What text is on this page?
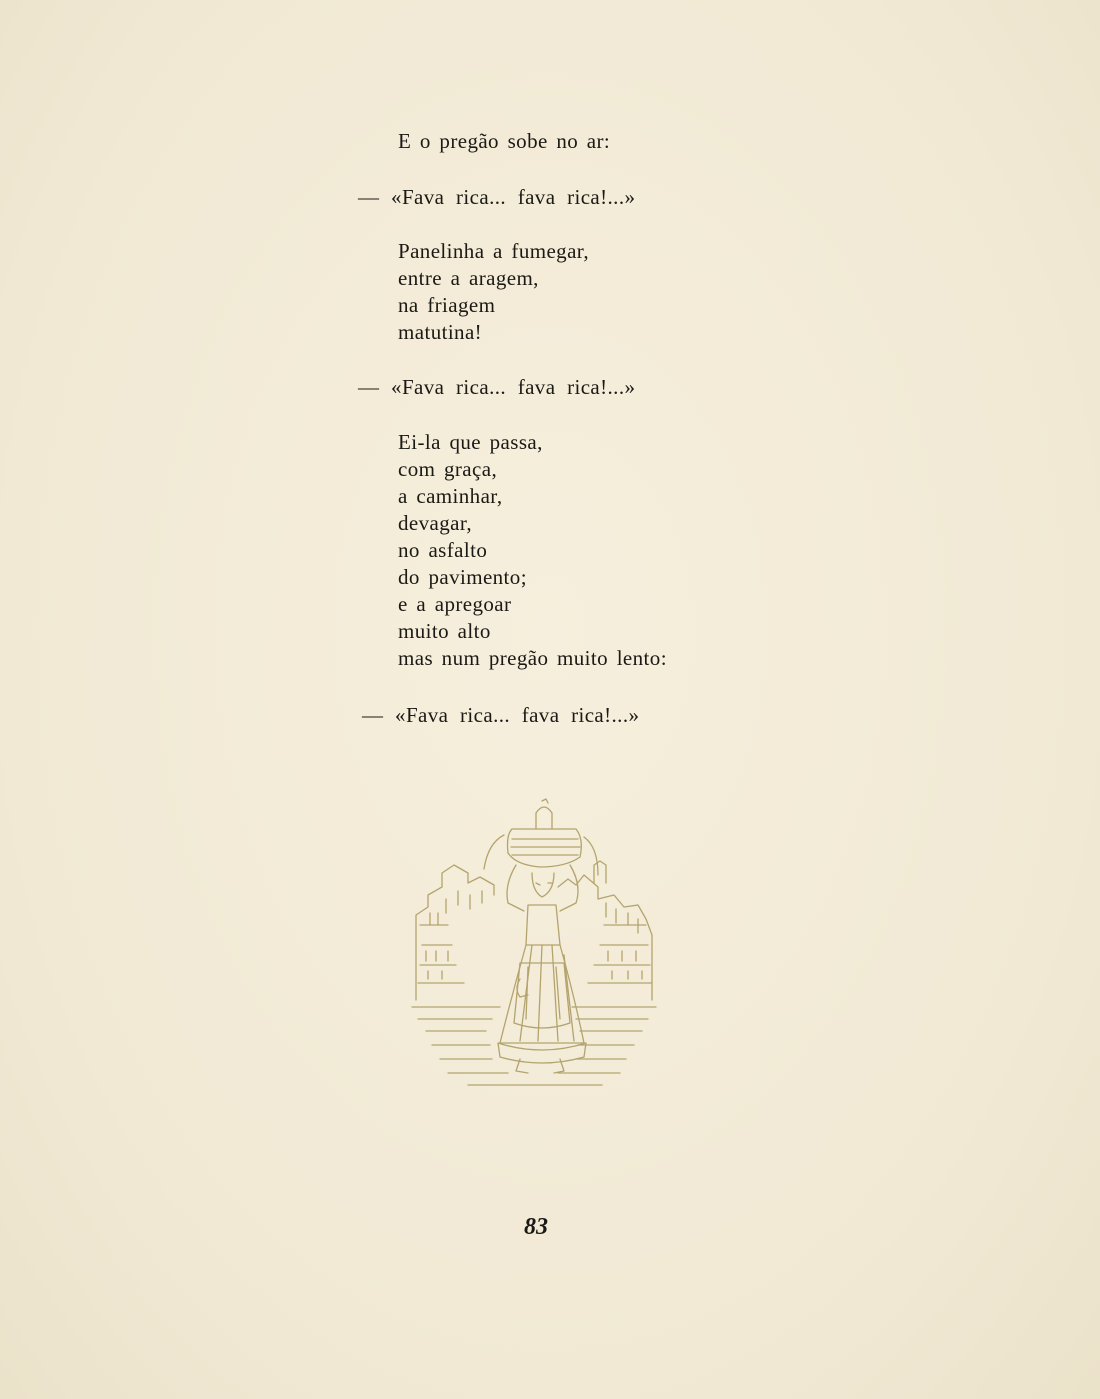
E o pregão sobe no ar:
— «Fava rica... fava rica!...»
Panelinha a fumegar,
entre a aragem,
na friagem
matutina!
— «Fava rica... fava rica!...»
Ei-la que passa,
com graça,
a caminhar,
devagar,
no asfalto
do pavimento;
e a apregoar
muito alto
mas num pregão muito lento:
— «Fava rica... fava rica!...»
83
